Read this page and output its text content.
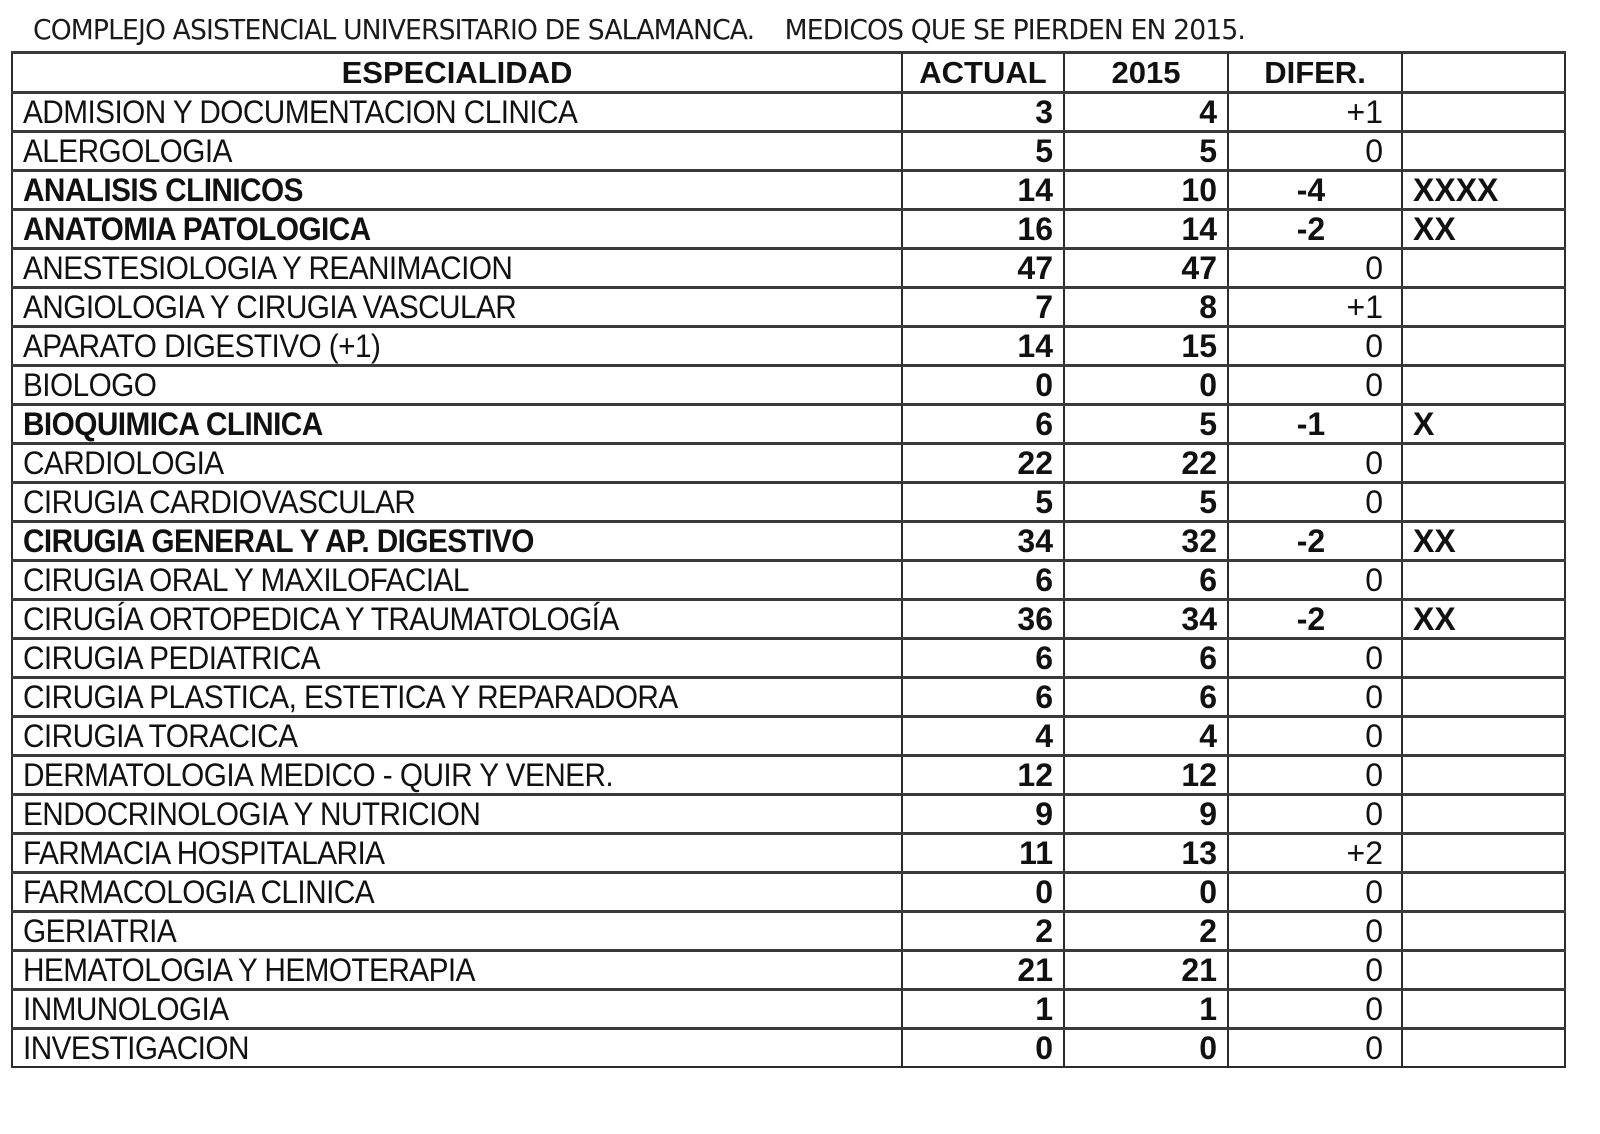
COMPLEJO ASISTENCIAL UNIVERSITARIO DE SALAMANCA.    MEDICOS QUE SE PIERDEN EN 2015.
ESPECIALIDAD	ACTUAL	2015	DIFER.	
ADMISION Y DOCUMENTACION CLINICA	3	4	+1	
ALERGOLOGIA	5	5	0	
ANALISIS CLINICOS	14	10	-4	XXXX
ANATOMIA PATOLOGICA	16	14	-2	XX
ANESTESIOLOGIA Y REANIMACION	47	47	0	
ANGIOLOGIA Y CIRUGIA VASCULAR	7	8	+1	
APARATO DIGESTIVO (+1)	14	15	0	
BIOLOGO	0	0	0	
BIOQUIMICA CLINICA	6	5	-1	X
CARDIOLOGIA	22	22	0	
CIRUGIA CARDIOVASCULAR	5	5	0	
CIRUGIA GENERAL Y AP. DIGESTIVO	34	32	-2	XX
CIRUGIA ORAL Y MAXILOFACIAL	6	6	0	
CIRUGÍA ORTOPEDICA Y TRAUMATOLOGÍA	36	34	-2	XX
CIRUGIA PEDIATRICA	6	6	0	
CIRUGIA PLASTICA, ESTETICA Y REPARADORA	6	6	0	
CIRUGIA TORACICA	4	4	0	
DERMATOLOGIA MEDICO - QUIR Y VENER.	12	12	0	
ENDOCRINOLOGIA Y NUTRICION	9	9	0	
FARMACIA HOSPITALARIA	11	13	+2	
FARMACOLOGIA CLINICA	0	0	0	
GERIATRIA	2	2	0	
HEMATOLOGIA Y HEMOTERAPIA	21	21	0	
INMUNOLOGIA	1	1	0	
INVESTIGACION	0	0	0	
